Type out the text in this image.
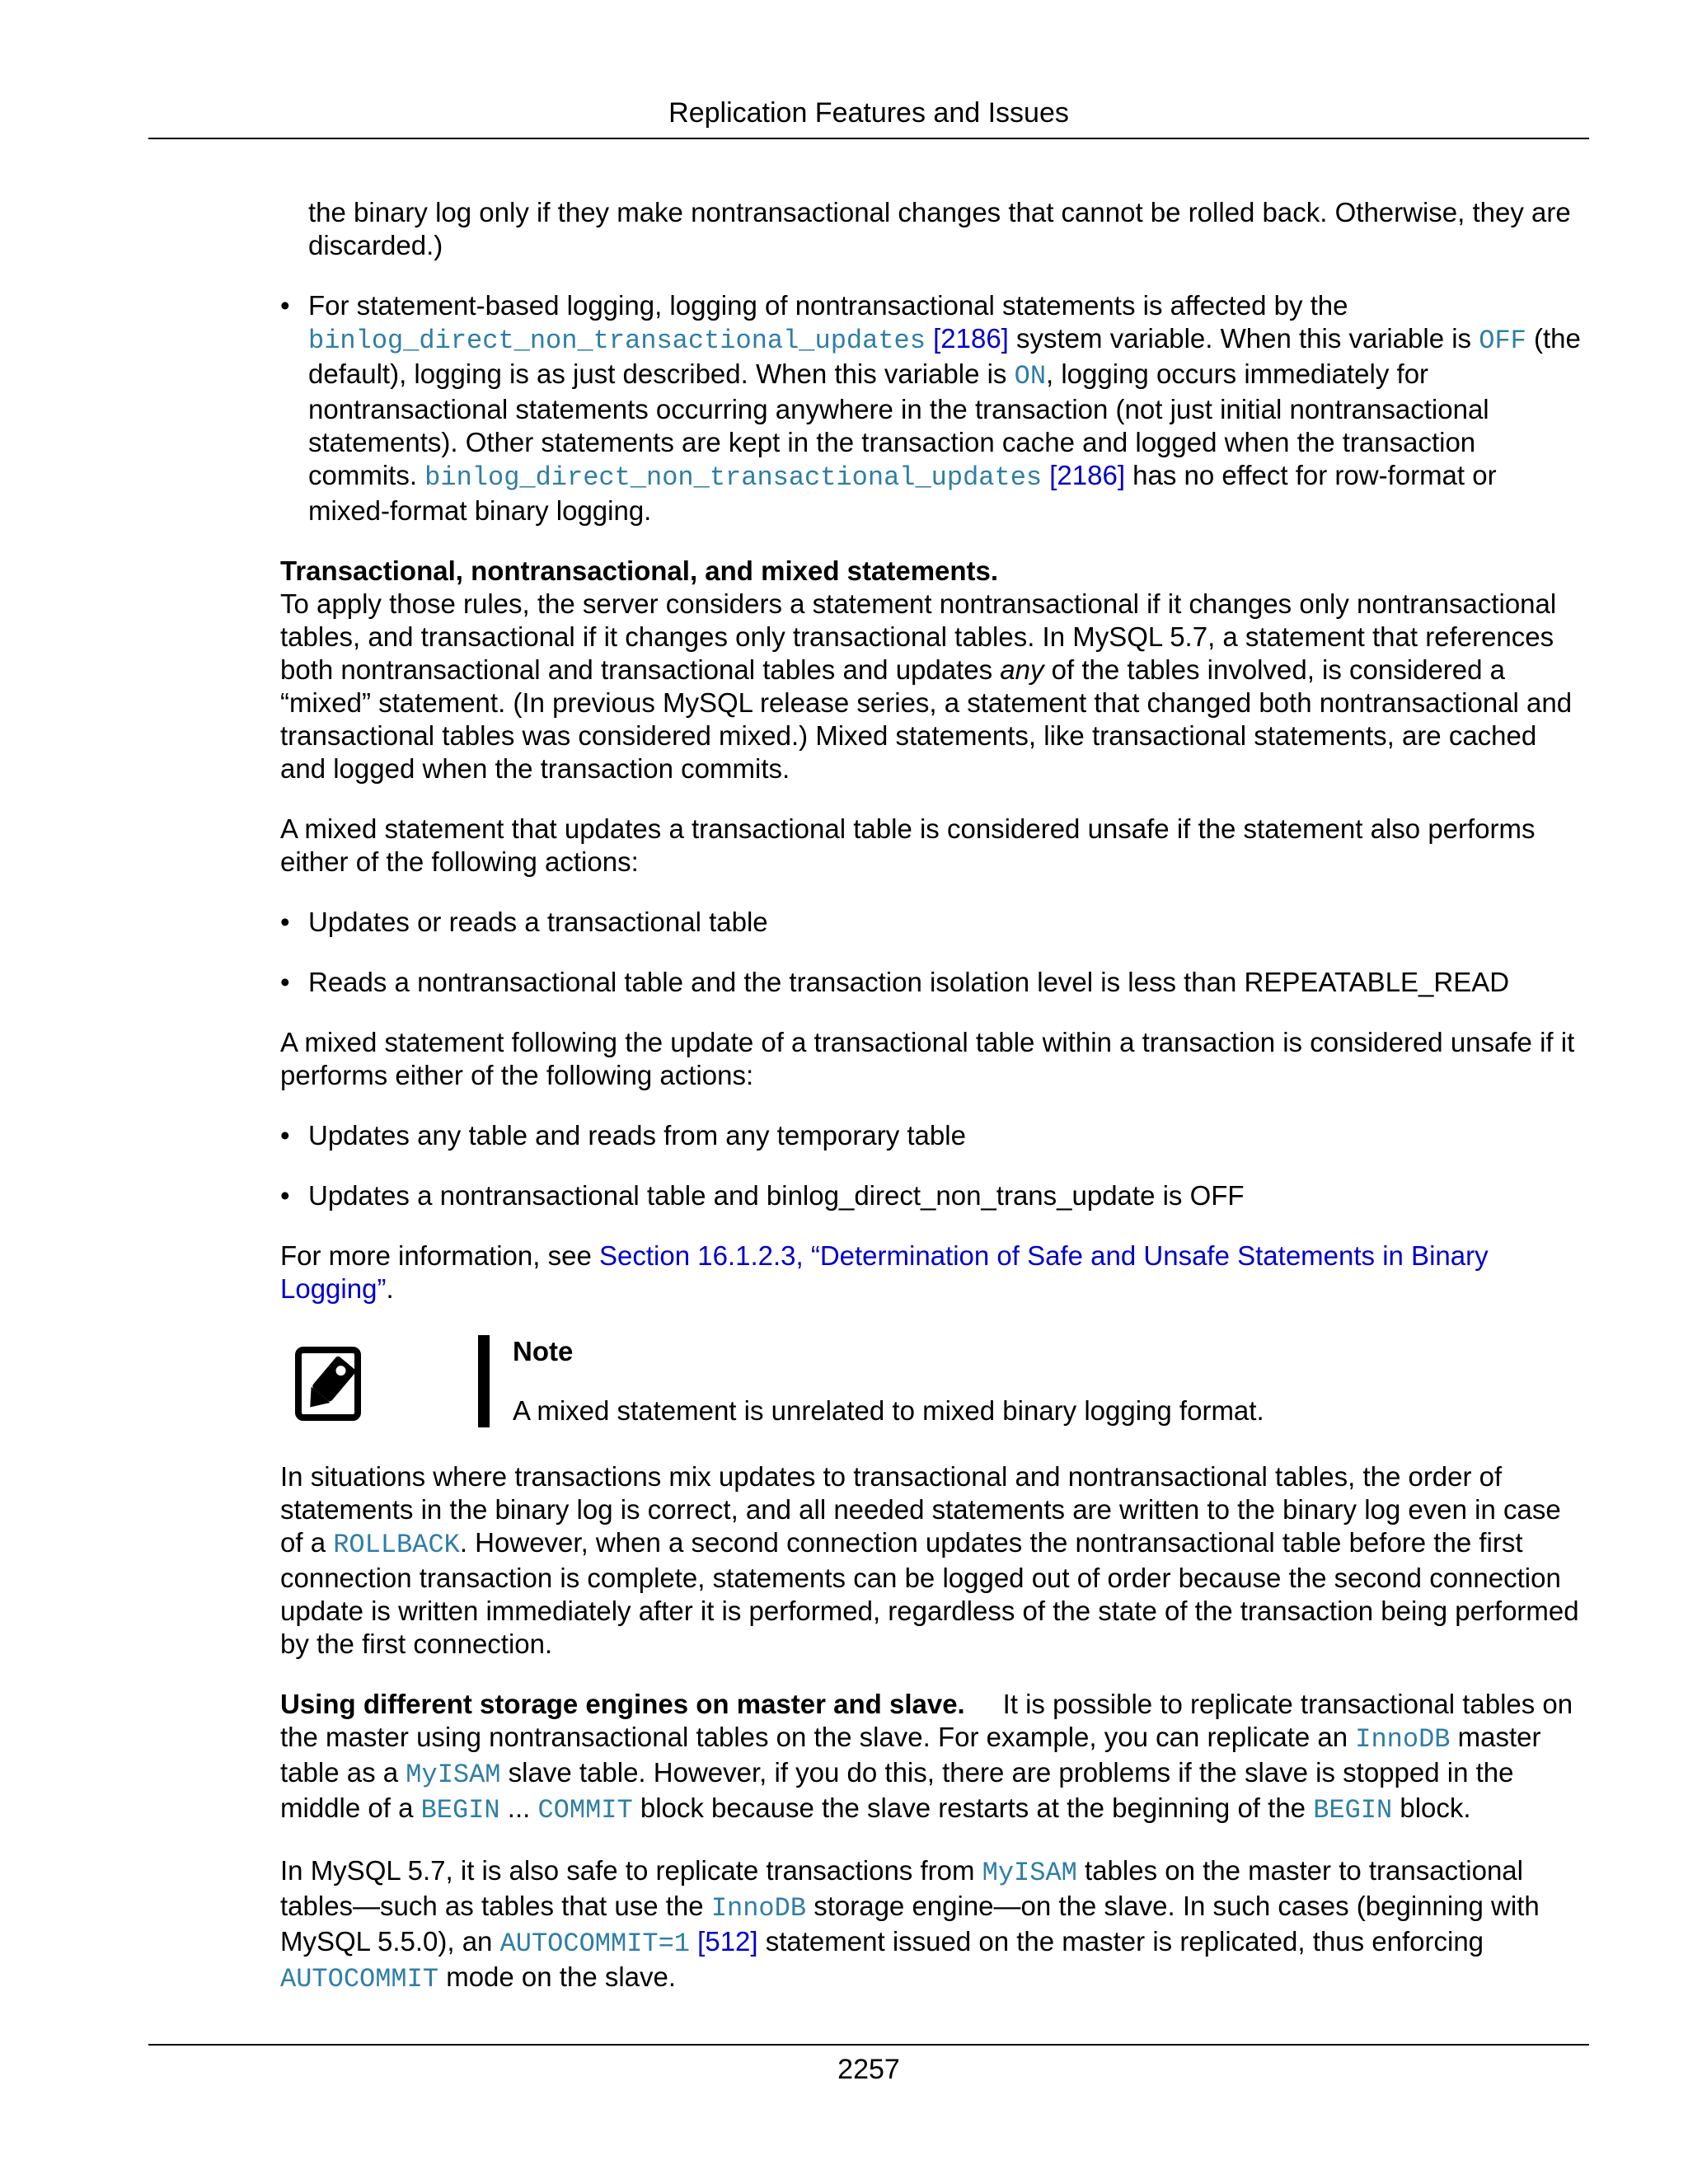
Replication Features and Issues

the binary log only if they make nontransactional changes that cannot be rolled back. Otherwise, they are discarded.)

• For statement-based logging, logging of nontransactional statements is affected by the binlog_direct_non_transactional_updates [2186] system variable. When this variable is OFF (the default), logging is as just described. When this variable is ON, logging occurs immediately for nontransactional statements occurring anywhere in the transaction (not just initial nontransactional statements). Other statements are kept in the transaction cache and logged when the transaction commits. binlog_direct_non_transactional_updates [2186] has no effect for row-format or mixed-format binary logging.

Transactional, nontransactional, and mixed statements.
To apply those rules, the server considers a statement nontransactional if it changes only nontransactional tables, and transactional if it changes only transactional tables. In MySQL 5.7, a statement that references both nontransactional and transactional tables and updates any of the tables involved, is considered a “mixed” statement. (In previous MySQL release series, a statement that changed both nontransactional and transactional tables was considered mixed.) Mixed statements, like transactional statements, are cached and logged when the transaction commits.

A mixed statement that updates a transactional table is considered unsafe if the statement also performs either of the following actions:

• Updates or reads a transactional table
• Reads a nontransactional table and the transaction isolation level is less than REPEATABLE_READ

A mixed statement following the update of a transactional table within a transaction is considered unsafe if it performs either of the following actions:

• Updates any table and reads from any temporary table
• Updates a nontransactional table and binlog_direct_non_trans_update is OFF

For more information, see Section 16.1.2.3, “Determination of Safe and Unsafe Statements in Binary Logging”.

Note
A mixed statement is unrelated to mixed binary logging format.

In situations where transactions mix updates to transactional and nontransactional tables, the order of statements in the binary log is correct, and all needed statements are written to the binary log even in case of a ROLLBACK. However, when a second connection updates the nontransactional table before the first connection transaction is complete, statements can be logged out of order because the second connection update is written immediately after it is performed, regardless of the state of the transaction being performed by the first connection.

Using different storage engines on master and slave. It is possible to replicate transactional tables on the master using nontransactional tables on the slave. For example, you can replicate an InnoDB master table as a MyISAM slave table. However, if you do this, there are problems if the slave is stopped in the middle of a BEGIN ... COMMIT block because the slave restarts at the beginning of the BEGIN block.

In MySQL 5.7, it is also safe to replicate transactions from MyISAM tables on the master to transactional tables—such as tables that use the InnoDB storage engine—on the slave. In such cases (beginning with MySQL 5.5.0), an AUTOCOMMIT=1 [512] statement issued on the master is replicated, thus enforcing AUTOCOMMIT mode on the slave.

2257
